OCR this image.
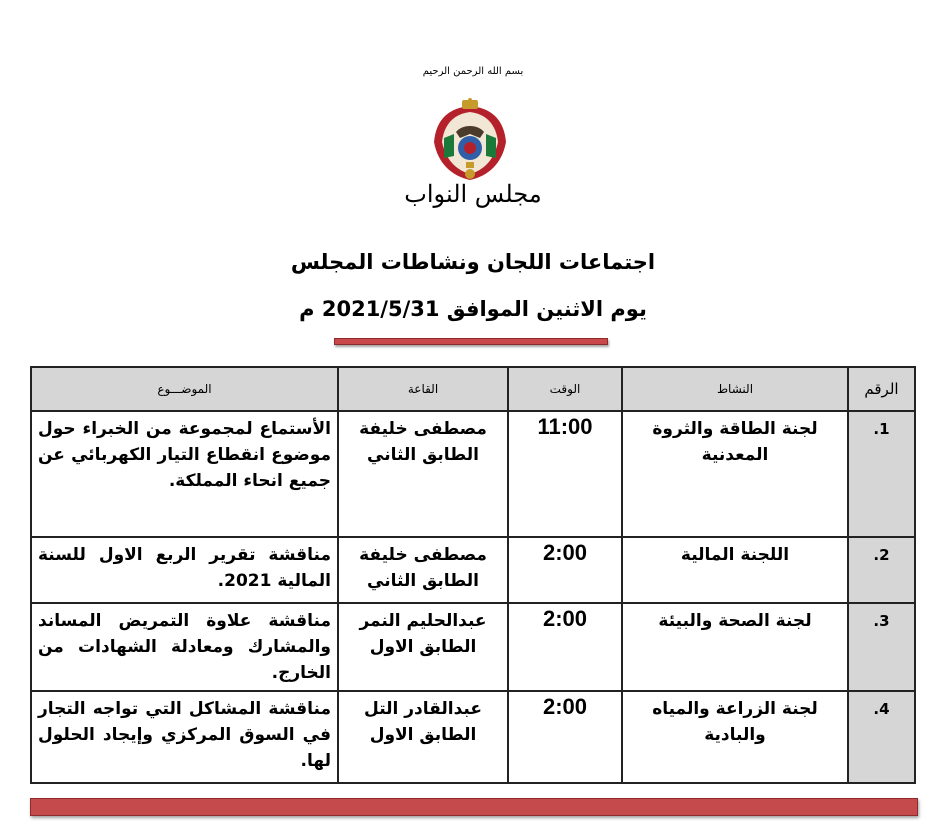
بسم الله الرحمن الرحيم
مجلس النواب
اجتماعات اللجان ونشاطات المجلس
يوم الاثنين الموافق 2021/5/31 م
الرقم	النشاط	الوقت	القاعة	الموضـــوع
1.	لجنة الطاقة والثروة المعدنية	11:00	مصطفى خليفة الطابق الثاني	الأستماع لمجموعة من الخبراء حول موضوع انقطاع التيار الكهربائي عن جميع انحاء المملكة.
2.	اللجنة المالية	2:00	مصطفى خليفة الطابق الثاني	مناقشة تقرير الربع الاول للسنة المالية 2021.
3.	لجنة الصحة والبيئة	2:00	عبدالحليم النمر الطابق الاول	مناقشة علاوة التمريض المساند والمشارك ومعادلة الشهادات من الخارج.
4.	لجنة الزراعة والمياه والبادية	2:00	عبدالقادر التل الطابق الاول	مناقشة المشاكل التي تواجه التجار في السوق المركزي وإيجاد الحلول لها.
